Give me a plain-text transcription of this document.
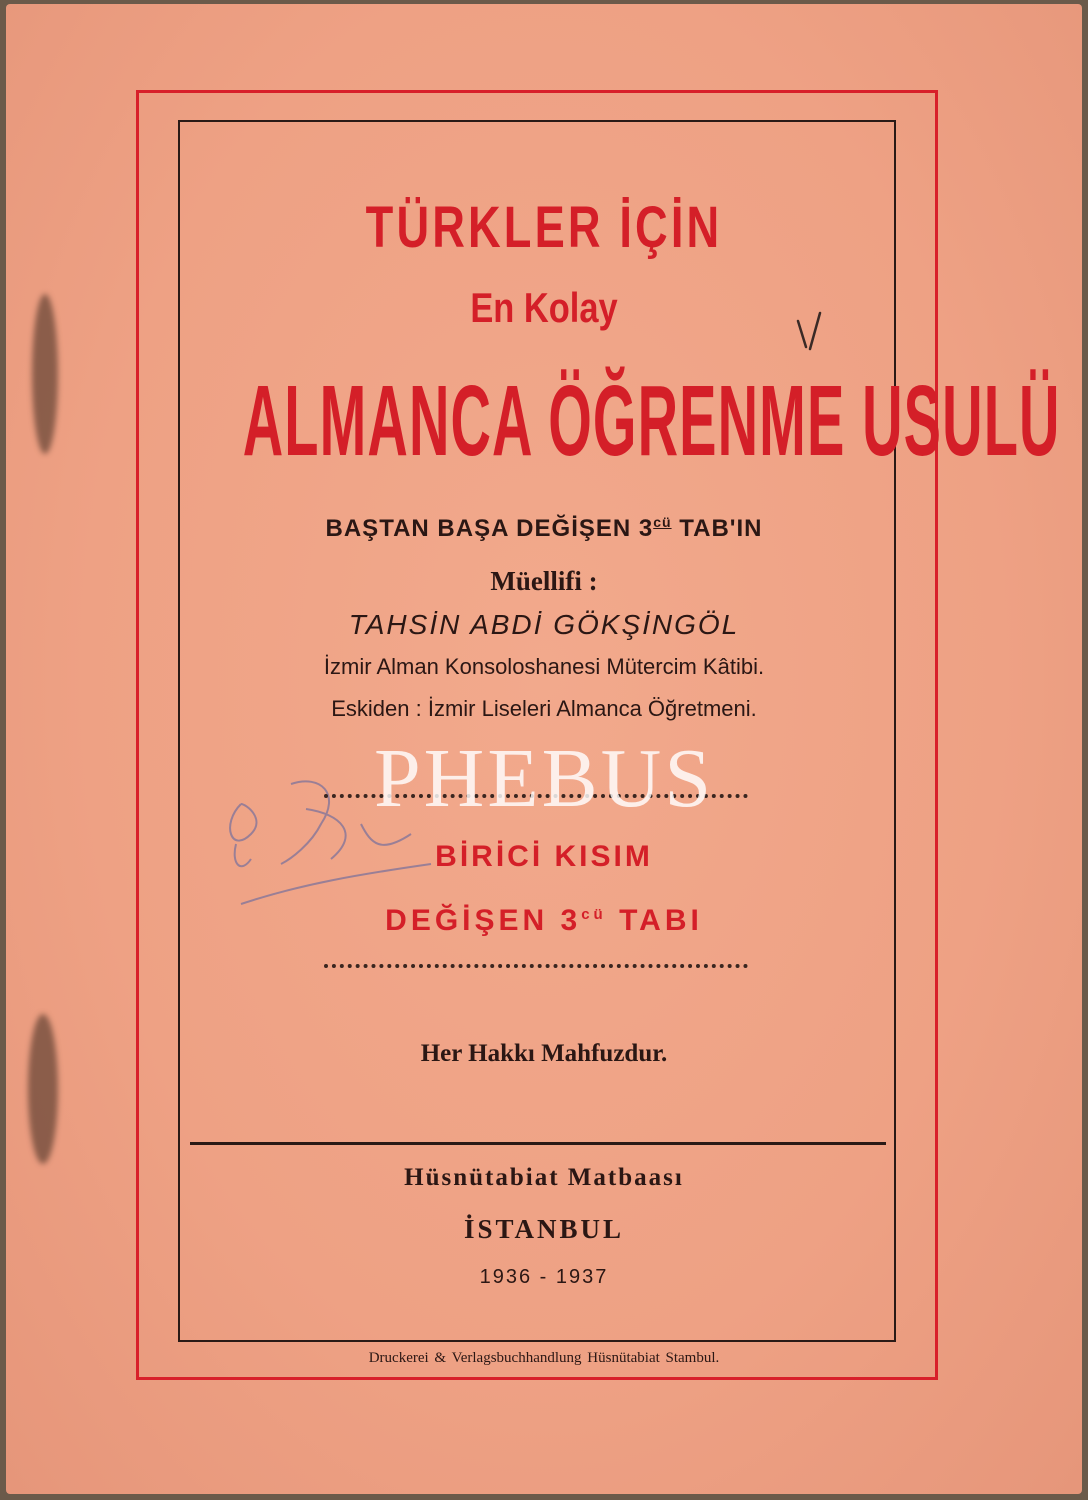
TÜRKLER İÇİN
En Kolay
ALMANCA ÖĞRENME USULÜ
BAŞTAN BAŞA DEĞİŞEN $3^{cü}$ TAB'IN
Müellifi :
TAHSİN ABDİ GÖKŞİNGÖL
İzmir Alman Konsoloshanesi Mütercim Kâtibi.
Eskiden : İzmir Liseleri Almanca Öğretmeni.
PHEBUS
BİRİCİ KISIM
DEĞİŞEN $3^{cü}$ TABI
Her Hakkı Mahfuzdur.
Hüsnütabiat Matbaası
İSTANBUL
1936 - 1937
Druckerei & Verlagsbuchhandlung Hüsnütabiat Stambul.
